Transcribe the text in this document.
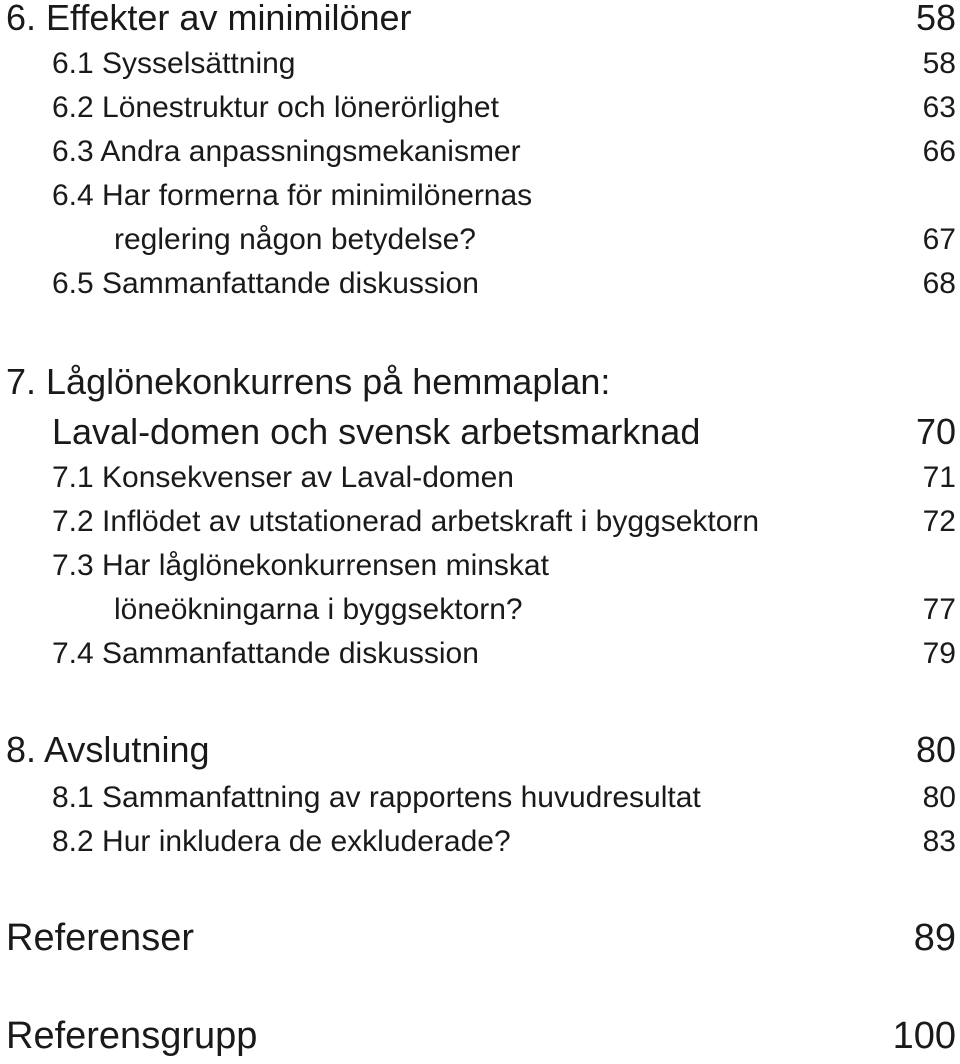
6. Effekter av minimilöner	58
6.1 Sysselsättning	58
6.2 Lönestruktur och lönerörlighet	63
6.3 Andra anpassningsmekanismer	66
6.4 Har formerna för minimilönernas
reglering någon betydelse?	67
6.5 Sammanfattande diskussion	68
7. Låglönekonkurrens på hemmaplan:
Laval-domen och svensk arbetsmarknad	70
7.1 Konsekvenser av Laval-domen	71
7.2 Inflödet av utstationerad arbetskraft i byggsektorn	72
7.3 Har låglönekonkurrensen minskat
löneökningarna i byggsektorn?	77
7.4 Sammanfattande diskussion	79
8. Avslutning	80
8.1 Sammanfattning av rapportens huvudresultat	80
8.2 Hur inkludera de exkluderade?	83
Referenser	89
Referensgrupp	100
